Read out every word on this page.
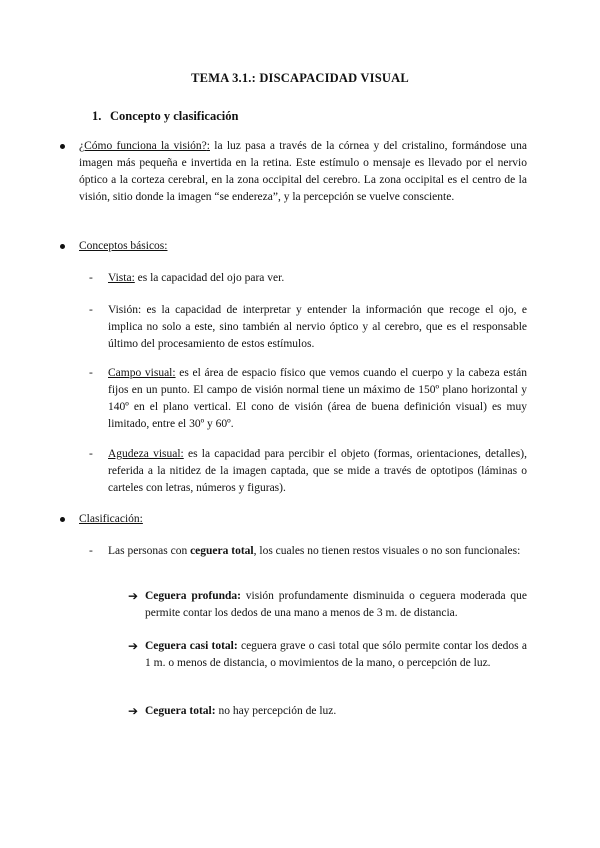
TEMA 3.1.: DISCAPACIDAD VISUAL
1. Concepto y clasificación
¿Cómo funciona la visión?: la luz pasa a través de la córnea y del cristalino, formándose una imagen más pequeña e invertida en la retina. Este estímulo o mensaje es llevado por el nervio óptico a la corteza cerebral, en la zona occipital del cerebro. La zona occipital es el centro de la visión, sitio donde la imagen “se endereza”, y la percepción se vuelve consciente.
Conceptos básicos:
- Vista: es la capacidad del ojo para ver.
- Visión: es la capacidad de interpretar y entender la información que recoge el ojo, e implica no solo a este, sino también al nervio óptico y al cerebro, que es el responsable último del procesamiento de estos estímulos.
- Campo visual: es el área de espacio físico que vemos cuando el cuerpo y la cabeza están fijos en un punto. El campo de visión normal tiene un máximo de 150º plano horizontal y 140º en el plano vertical. El cono de visión (área de buena definición visual) es muy limitado, entre el 30º y 60º.
- Agudeza visual: es la capacidad para percibir el objeto (formas, orientaciones, detalles), referida a la nitidez de la imagen captada, que se mide a través de optotipos (láminas o carteles con letras, números y figuras).
Clasificación:
- Las personas con ceguera total, los cuales no tienen restos visuales o no son funcionales:
➔ Ceguera profunda: visión profundamente disminuida o ceguera moderada que permite contar los dedos de una mano a menos de 3 m. de distancia.
➔ Ceguera casi total: ceguera grave o casi total que sólo permite contar los dedos a 1 m. o menos de distancia, o movimientos de la mano, o percepción de luz.
➔ Ceguera total: no hay percepción de luz.
